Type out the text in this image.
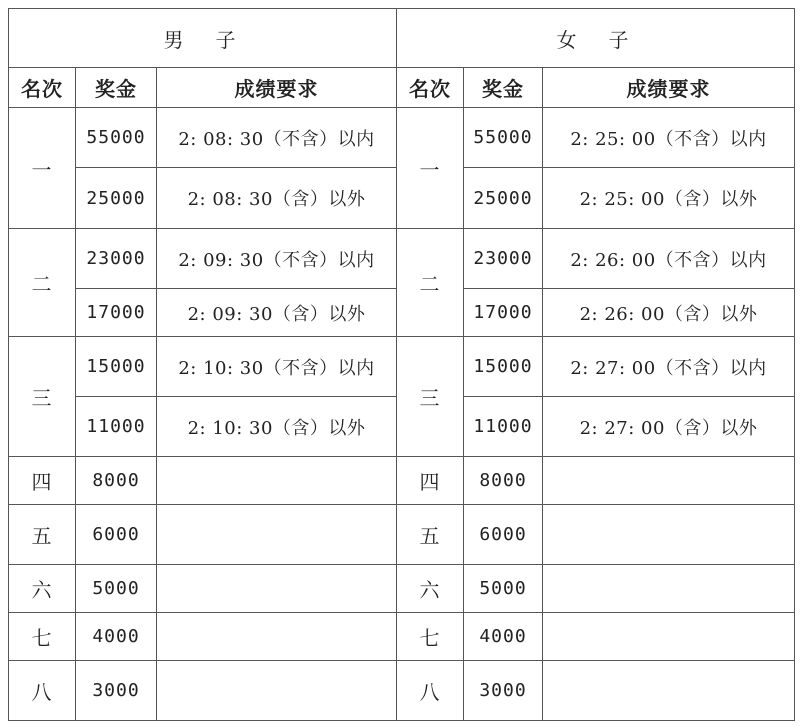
男　子			女　子		
名次	奖金	成绩要求	名次	奖金	成绩要求
一	55000	2: 08: 30（不含）以内	一	55000	2: 25: 00（不含）以内
	25000	2: 08: 30（含）以外		25000	2: 25: 00（含）以外
二	23000	2: 09: 30（不含）以内	二	23000	2: 26: 00（不含）以内
	17000	2: 09: 30（含）以外		17000	2: 26: 00（含）以外
三	15000	2: 10: 30（不含）以内	三	15000	2: 27: 00（不含）以内
	11000	2: 10: 30（含）以外		11000	2: 27: 00（含）以外
四	8000		四	8000	
五	6000		五	6000	
六	5000		六	5000	
七	4000		七	4000	
八	3000		八	3000	
